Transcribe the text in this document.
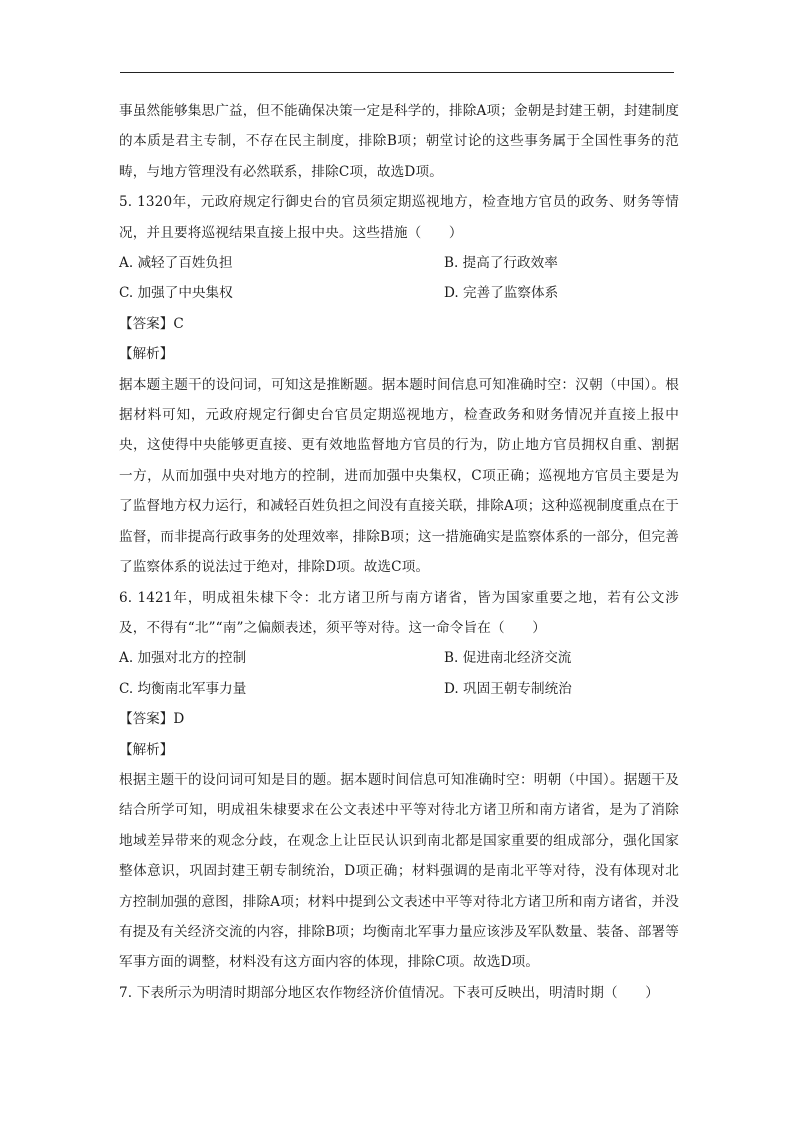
事虽然能够集思广益，但不能确保决策一定是科学的，排除A项；金朝是封建王朝，封建制度的本质是君主专制，不存在民主制度，排除B项；朝堂讨论的这些事务属于全国性事务的范畴，与地方管理没有必然联系，排除C项，故选D项。

5. 1320年，元政府规定行御史台的官员须定期巡视地方，检查地方官员的政务、财务等情况，并且要将巡视结果直接上报中央。这些措施（　　）

A. 减轻了百姓负担	B. 提高了行政效率
C. 加强了中央集权	D. 完善了监察体系

【答案】C

【解析】

据本题主题干的设问词，可知这是推断题。据本题时间信息可知准确时空：汉朝（中国）。根据材料可知，元政府规定行御史台官员定期巡视地方，检查政务和财务情况并直接上报中央，这使得中央能够更直接、更有效地监督地方官员的行为，防止地方官员拥权自重、割据一方，从而加强中央对地方的控制，进而加强中央集权，C项正确；巡视地方官员主要是为了监督地方权力运行，和减轻百姓负担之间没有直接关联，排除A项；这种巡视制度重点在于监督，而非提高行政事务的处理效率，排除B项；这一措施确实是监察体系的一部分，但完善了监察体系的说法过于绝对，排除D项。故选C项。

6. 1421年，明成祖朱棣下令：北方诸卫所与南方诸省，皆为国家重要之地，若有公文涉及，不得有“北”“南”之偏颇表述，须平等对待。这一命令旨在（　　）

A. 加强对北方的控制	B. 促进南北经济交流
C. 均衡南北军事力量	D. 巩固王朝专制统治

【答案】D

【解析】

根据主题干的设问词可知是目的题。据本题时间信息可知准确时空：明朝（中国）。据题干及结合所学可知，明成祖朱棣要求在公文表述中平等对待北方诸卫所和南方诸省，是为了消除地域差异带来的观念分歧，在观念上让臣民认识到南北都是国家重要的组成部分，强化国家整体意识，巩固封建王朝专制统治，D项正确；材料强调的是南北平等对待，没有体现对北方控制加强的意图，排除A项；材料中提到公文表述中平等对待北方诸卫所和南方诸省，并没有提及有关经济交流的内容，排除B项；均衡南北军事力量应该涉及军队数量、装备、部署等军事方面的调整，材料没有这方面内容的体现，排除C项。故选D项。

7. 下表所示为明清时期部分地区农作物经济价值情况。下表可反映出，明清时期（　　）
